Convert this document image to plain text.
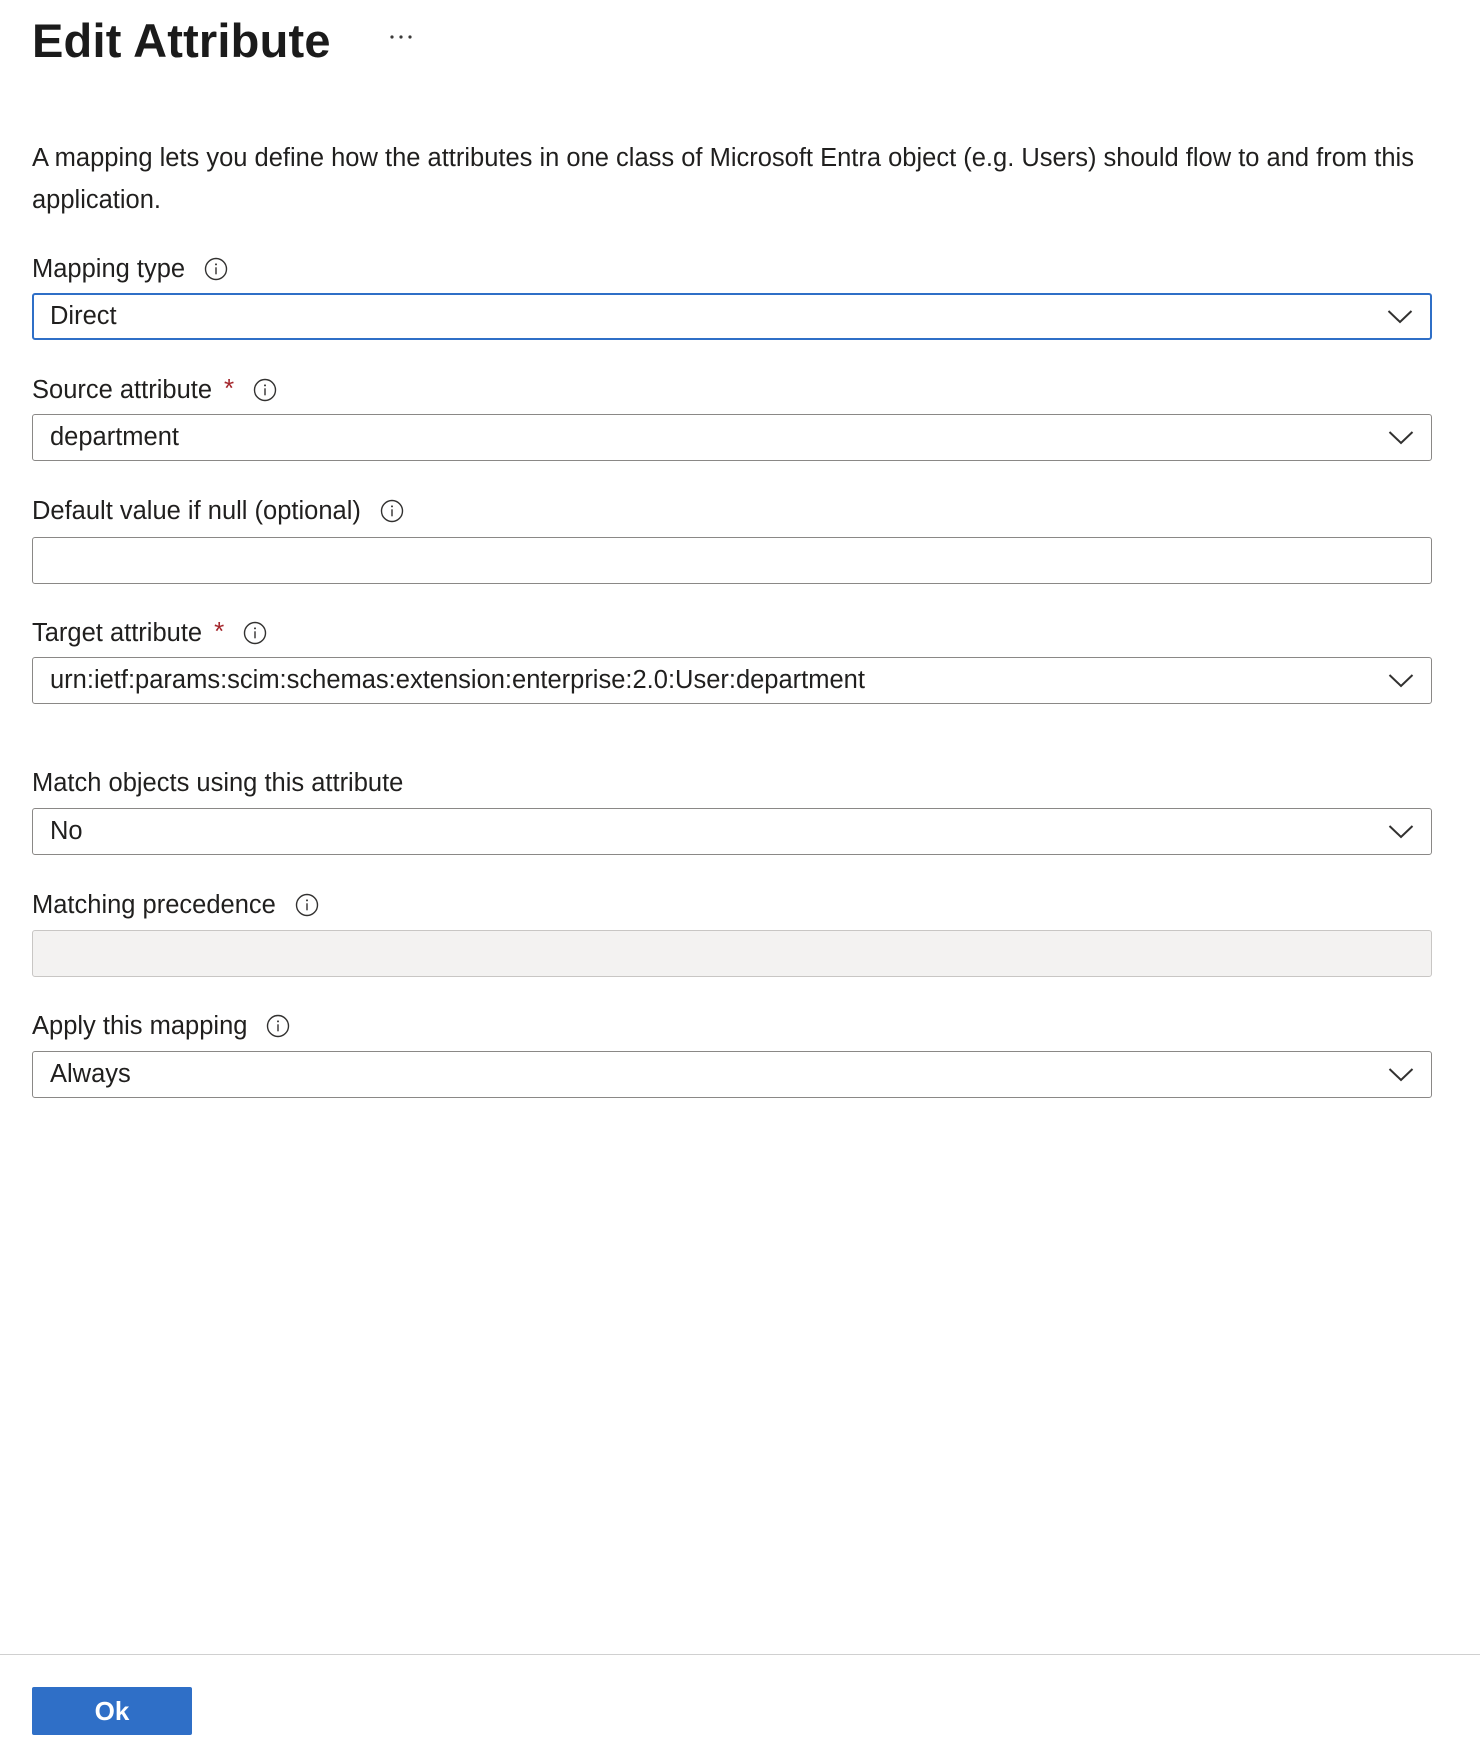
Edit Attribute

A mapping lets you define how the attributes in one class of Microsoft Entra object (e.g. Users) should flow to and from this application.

Mapping type
Direct
Source attribute *
department
Default value if null (optional)
Target attribute *
urn:ietf:params:scim:schemas:extension:enterprise:2.0:User:department
Match objects using this attribute
No
Matching precedence
Apply this mapping
Always
Ok
